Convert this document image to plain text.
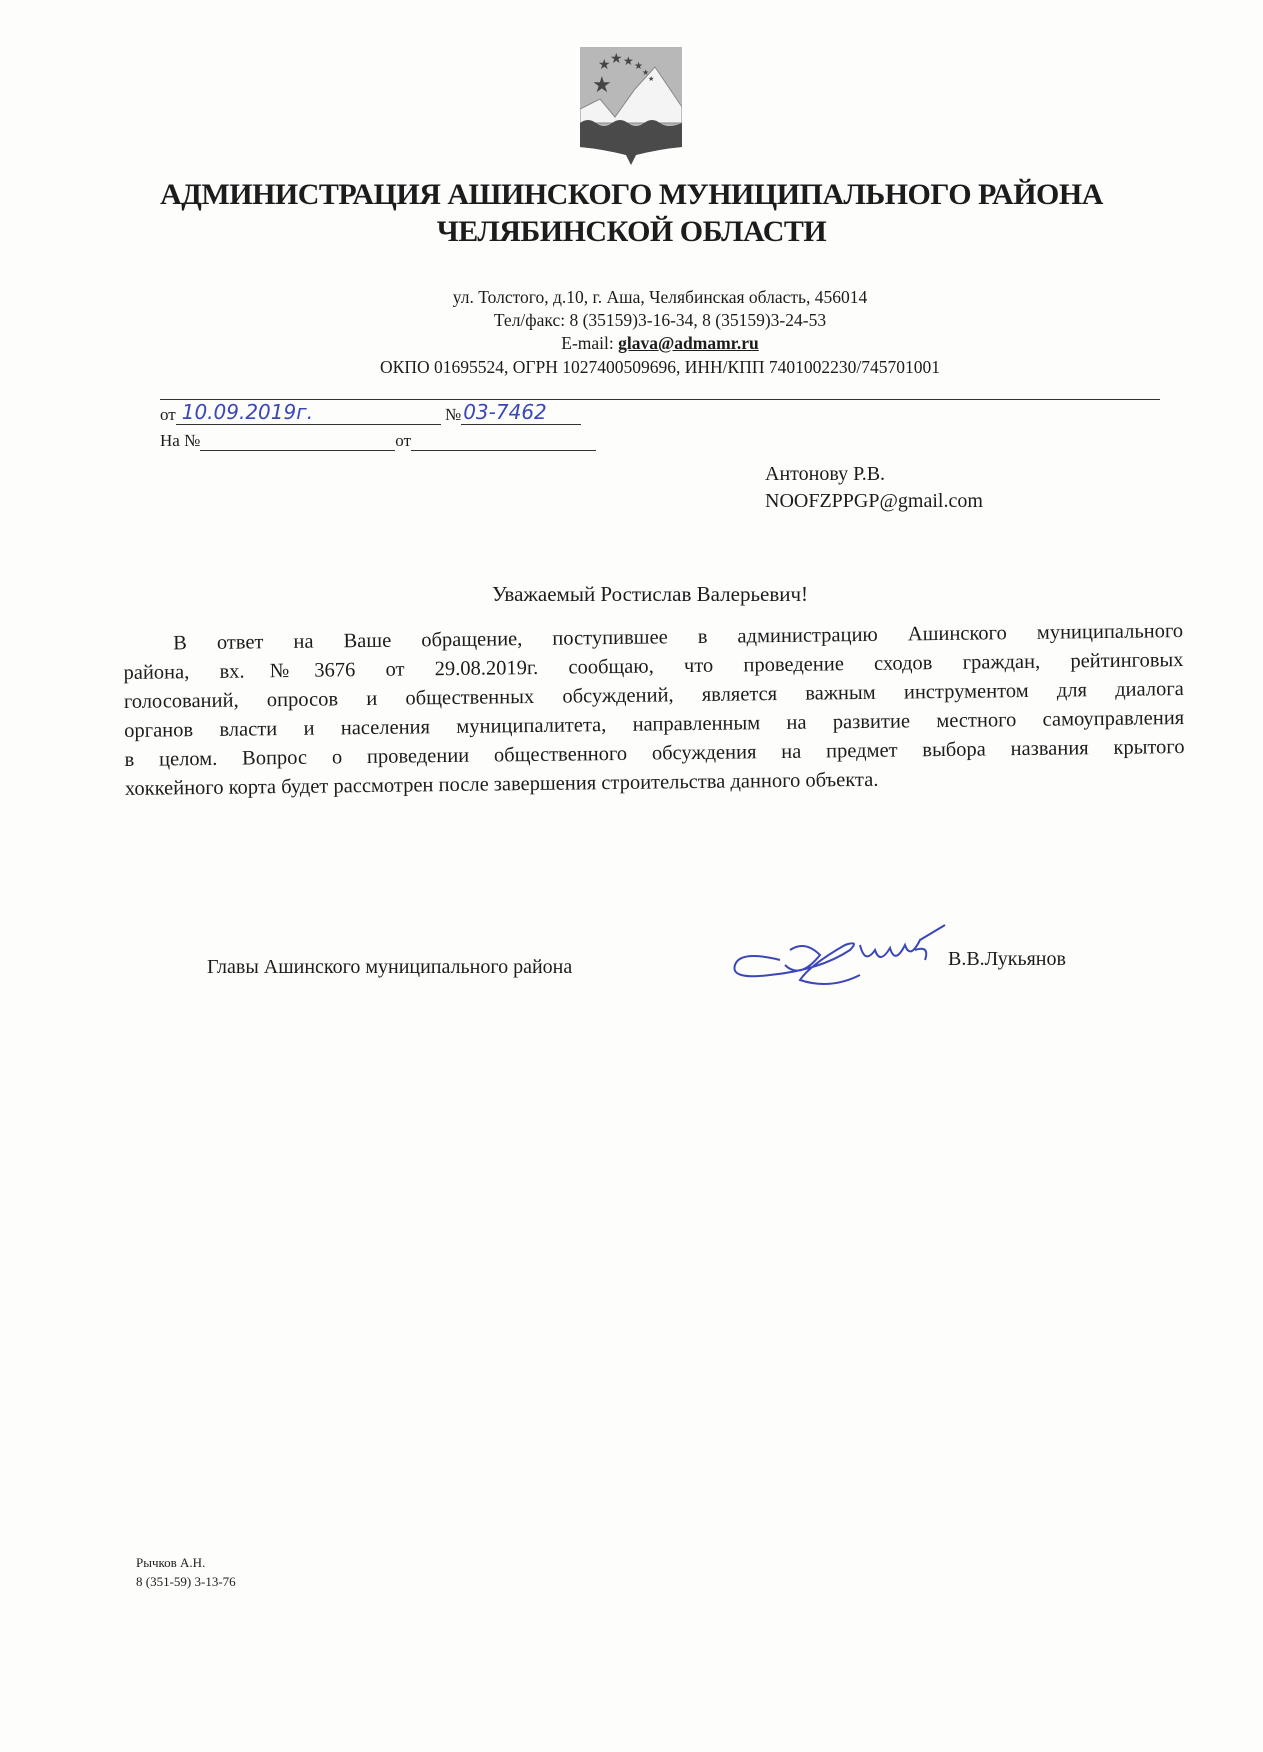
★
★ ★ ★ ★
★
★
АДМИНИСТРАЦИЯ АШИНСКОГО МУНИЦИПАЛЬНОГО РАЙОНА
ЧЕЛЯБИНСКОЙ ОБЛАСТИ
ул. Толстого, д.10, г. Аша, Челябинская область, 456014
Тел/факс: 8 (35159)3-16-34, 8 (35159)3-24-53
E-mail: glava@admamr.ru
ОКПО 01695524, ОГРН 1027400509696, ИНН/КПП 7401002230/745701001
от 10.09.2019г.	№ 03-7462
На №	от
Антонову Р.В.
NOOFZPPGP@gmail.com
Уважаемый Ростислав Валерьевич!
В ответ на Ваше обращение, поступившее в администрацию Ашинского муниципального
района, вх.№3676 от 29.08.2019г. сообщаю, что проведение сходов граждан, рейтинговых
голосований, опросов и общественных обсуждений, является важным инструментом для диалога
органов власти и населения муниципалитета, направленным на развитие местного самоуправления
в целом. Вопрос о проведении общественного обсуждения на предмет выбора названия крытого
хоккейного корта будет рассмотрен после завершения строительства данного объекта.
Главы Ашинского муниципального района	В.В.Лукьянов
Рычков А.Н.
8 (351-59) 3-13-76
